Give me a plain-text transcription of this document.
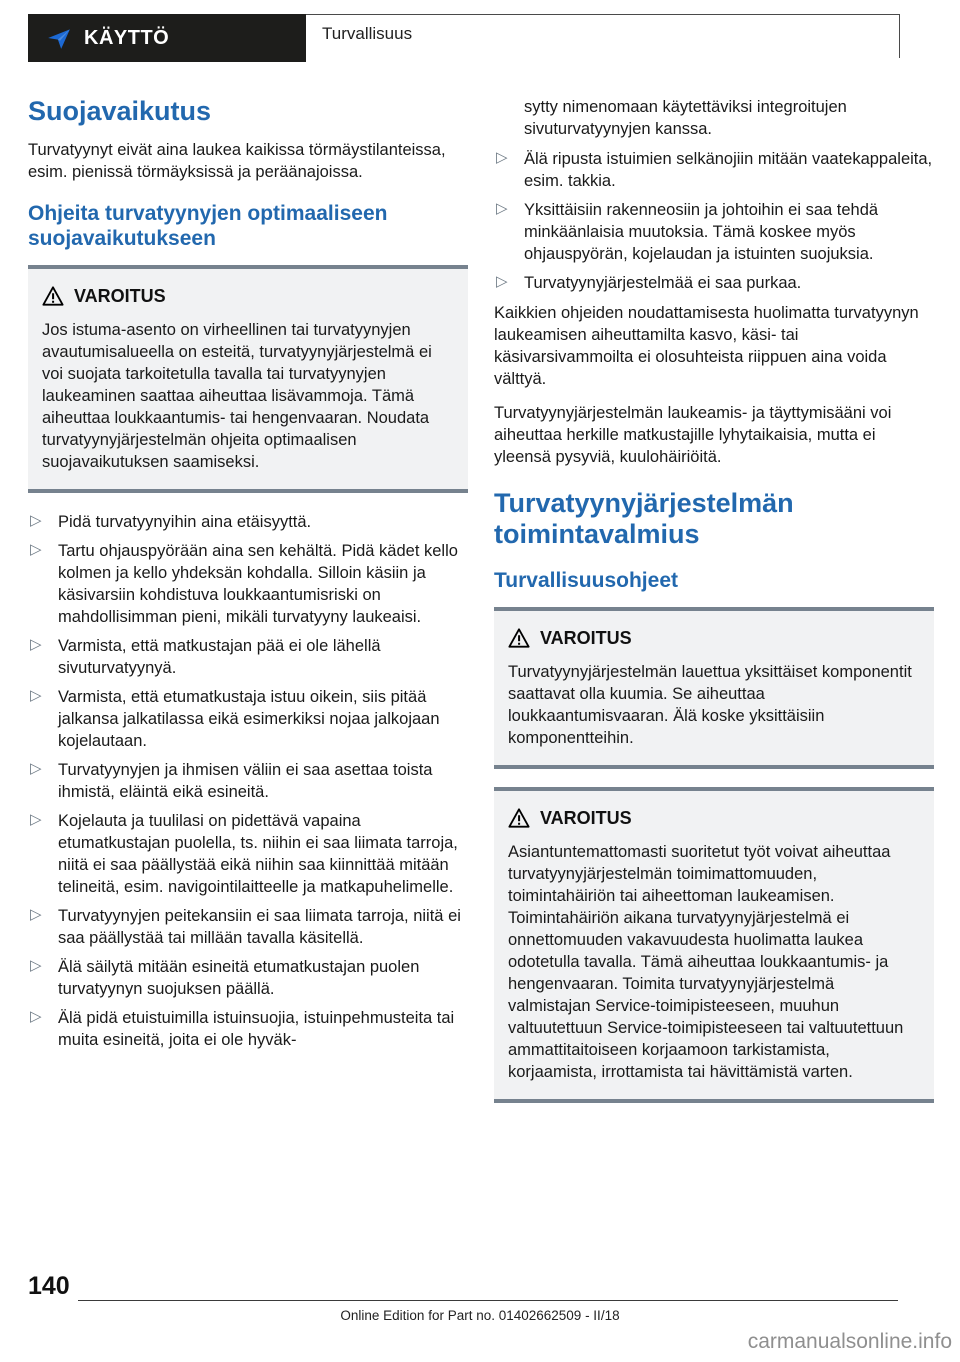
KÄYTTÖ	Turvallisuus
Suojavaikutus

Turvatyynyt eivät aina laukea kaikissa törmäystilanteissa, esim. pienissä törmäyksissä ja peräänajoissa.

Ohjeita turvatyynyjen optimaaliseen suojavaikutukseen
VAROITUS

Jos istuma-asento on virheellinen tai turvatyynyjen avautumisalueella on esteitä, turvatyynyjärjestelmä ei voi suojata tarkoitetulla tavalla tai turvatyynyjen laukeaminen saattaa aiheuttaa lisävammoja. Tämä aiheuttaa loukkaantumis- tai hengenvaaran. Noudata turvatyynyjärjestelmän ohjeita optimaalisen suojavaikutuksen saamiseksi.

▷ Pidä turvatyynyihin aina etäisyyttä.
▷ Tartu ohjauspyörään aina sen kehältä. Pidä kädet kello kolmen ja kello yhdeksän kohdalla. Silloin käsiin ja käsivarsiin kohdistuva loukkaantumisriski on mahdollisimman pieni, mikäli turvatyyny laukeaisi.
▷ Varmista, että matkustajan pää ei ole lähellä sivuturvatyynyä.
▷ Varmista, että etumatkustaja istuu oikein, siis pitää jalkansa jalkatilassa eikä esimerkiksi nojaa jalkojaan kojelautaan.
▷ Turvatyynyjen ja ihmisen väliin ei saa asettaa toista ihmistä, eläintä eikä esineitä.
▷ Kojelauta ja tuulilasi on pidettävä vapaina etumatkustajan puolella, ts. niihin ei saa liimata tarroja, niitä ei saa päällystää eikä niihin saa kiinnittää mitään telineitä, esim. navigointilaitteelle ja matkapuhelimelle.
▷ Turvatyynyjen peitekansiin ei saa liimata tarroja, niitä ei saa päällystää tai millään tavalla käsitellä.
▷ Älä säilytä mitään esineitä etumatkustajan puolen turvatyynyn suojuksen päällä.
▷ Älä pidä etuistuimilla istuinsuojia, istuinpehmusteita tai muita esineitä, joita ei ole hyväk-

sytty nimenomaan käytettäviksi integroitujen sivuturvatyynyjen kanssa.

▷ Älä ripusta istuimien selkänojiin mitään vaatekappaleita, esim. takkia.
▷ Yksittäisiin rakenneosiin ja johtoihin ei saa tehdä minkäänlaisia muutoksia. Tämä koskee myös ohjauspyörän, kojelaudan ja istuinten suojuksia.
▷ Turvatyynyjärjestelmää ei saa purkaa.

Kaikkien ohjeiden noudattamisesta huolimatta turvatyynyn laukeamisen aiheuttamilta kasvo, käsi- tai käsivarsivammoilta ei olosuhteista riippuen aina voida välttyä.

Turvatyynyjärjestelmän laukeamis- ja täyttymisääni voi aiheuttaa herkille matkustajille lyhytaikaisia, mutta ei yleensä pysyviä, kuulohäiriöitä.

Turvatyynyjärjestelmän toimintavalmius
Turvallisuusohjeet
VAROITUS

Turvatyynyjärjestelmän lauettua yksittäiset komponentit saattavat olla kuumia. Se aiheuttaa loukkaantumisvaaran. Älä koske yksittäisiin komponentteihin.

VAROITUS

Asiantuntemattomasti suoritetut työt voivat aiheuttaa turvatyynyjärjestelmän toimimattomuuden, toimintahäiriön tai aiheettoman laukeamisen. Toimintahäiriön aikana turvatyynyjärjestelmä ei onnettomuuden vakavuudesta huolimatta laukea odotetulla tavalla. Tämä aiheuttaa loukkaantumis- ja hengenvaaran. Toimita turvatyynyjärjestelmä valmistajan Service-toimipisteeseen, muuhun valtuutettuun Service-toimipisteeseen tai valtuutettuun ammattitaitoiseen korjaamoon tarkistamista, korjaamista, irrottamista tai hävittämistä varten.

140
Online Edition for Part no. 01402662509 - II/18
carmanualsonline.info
